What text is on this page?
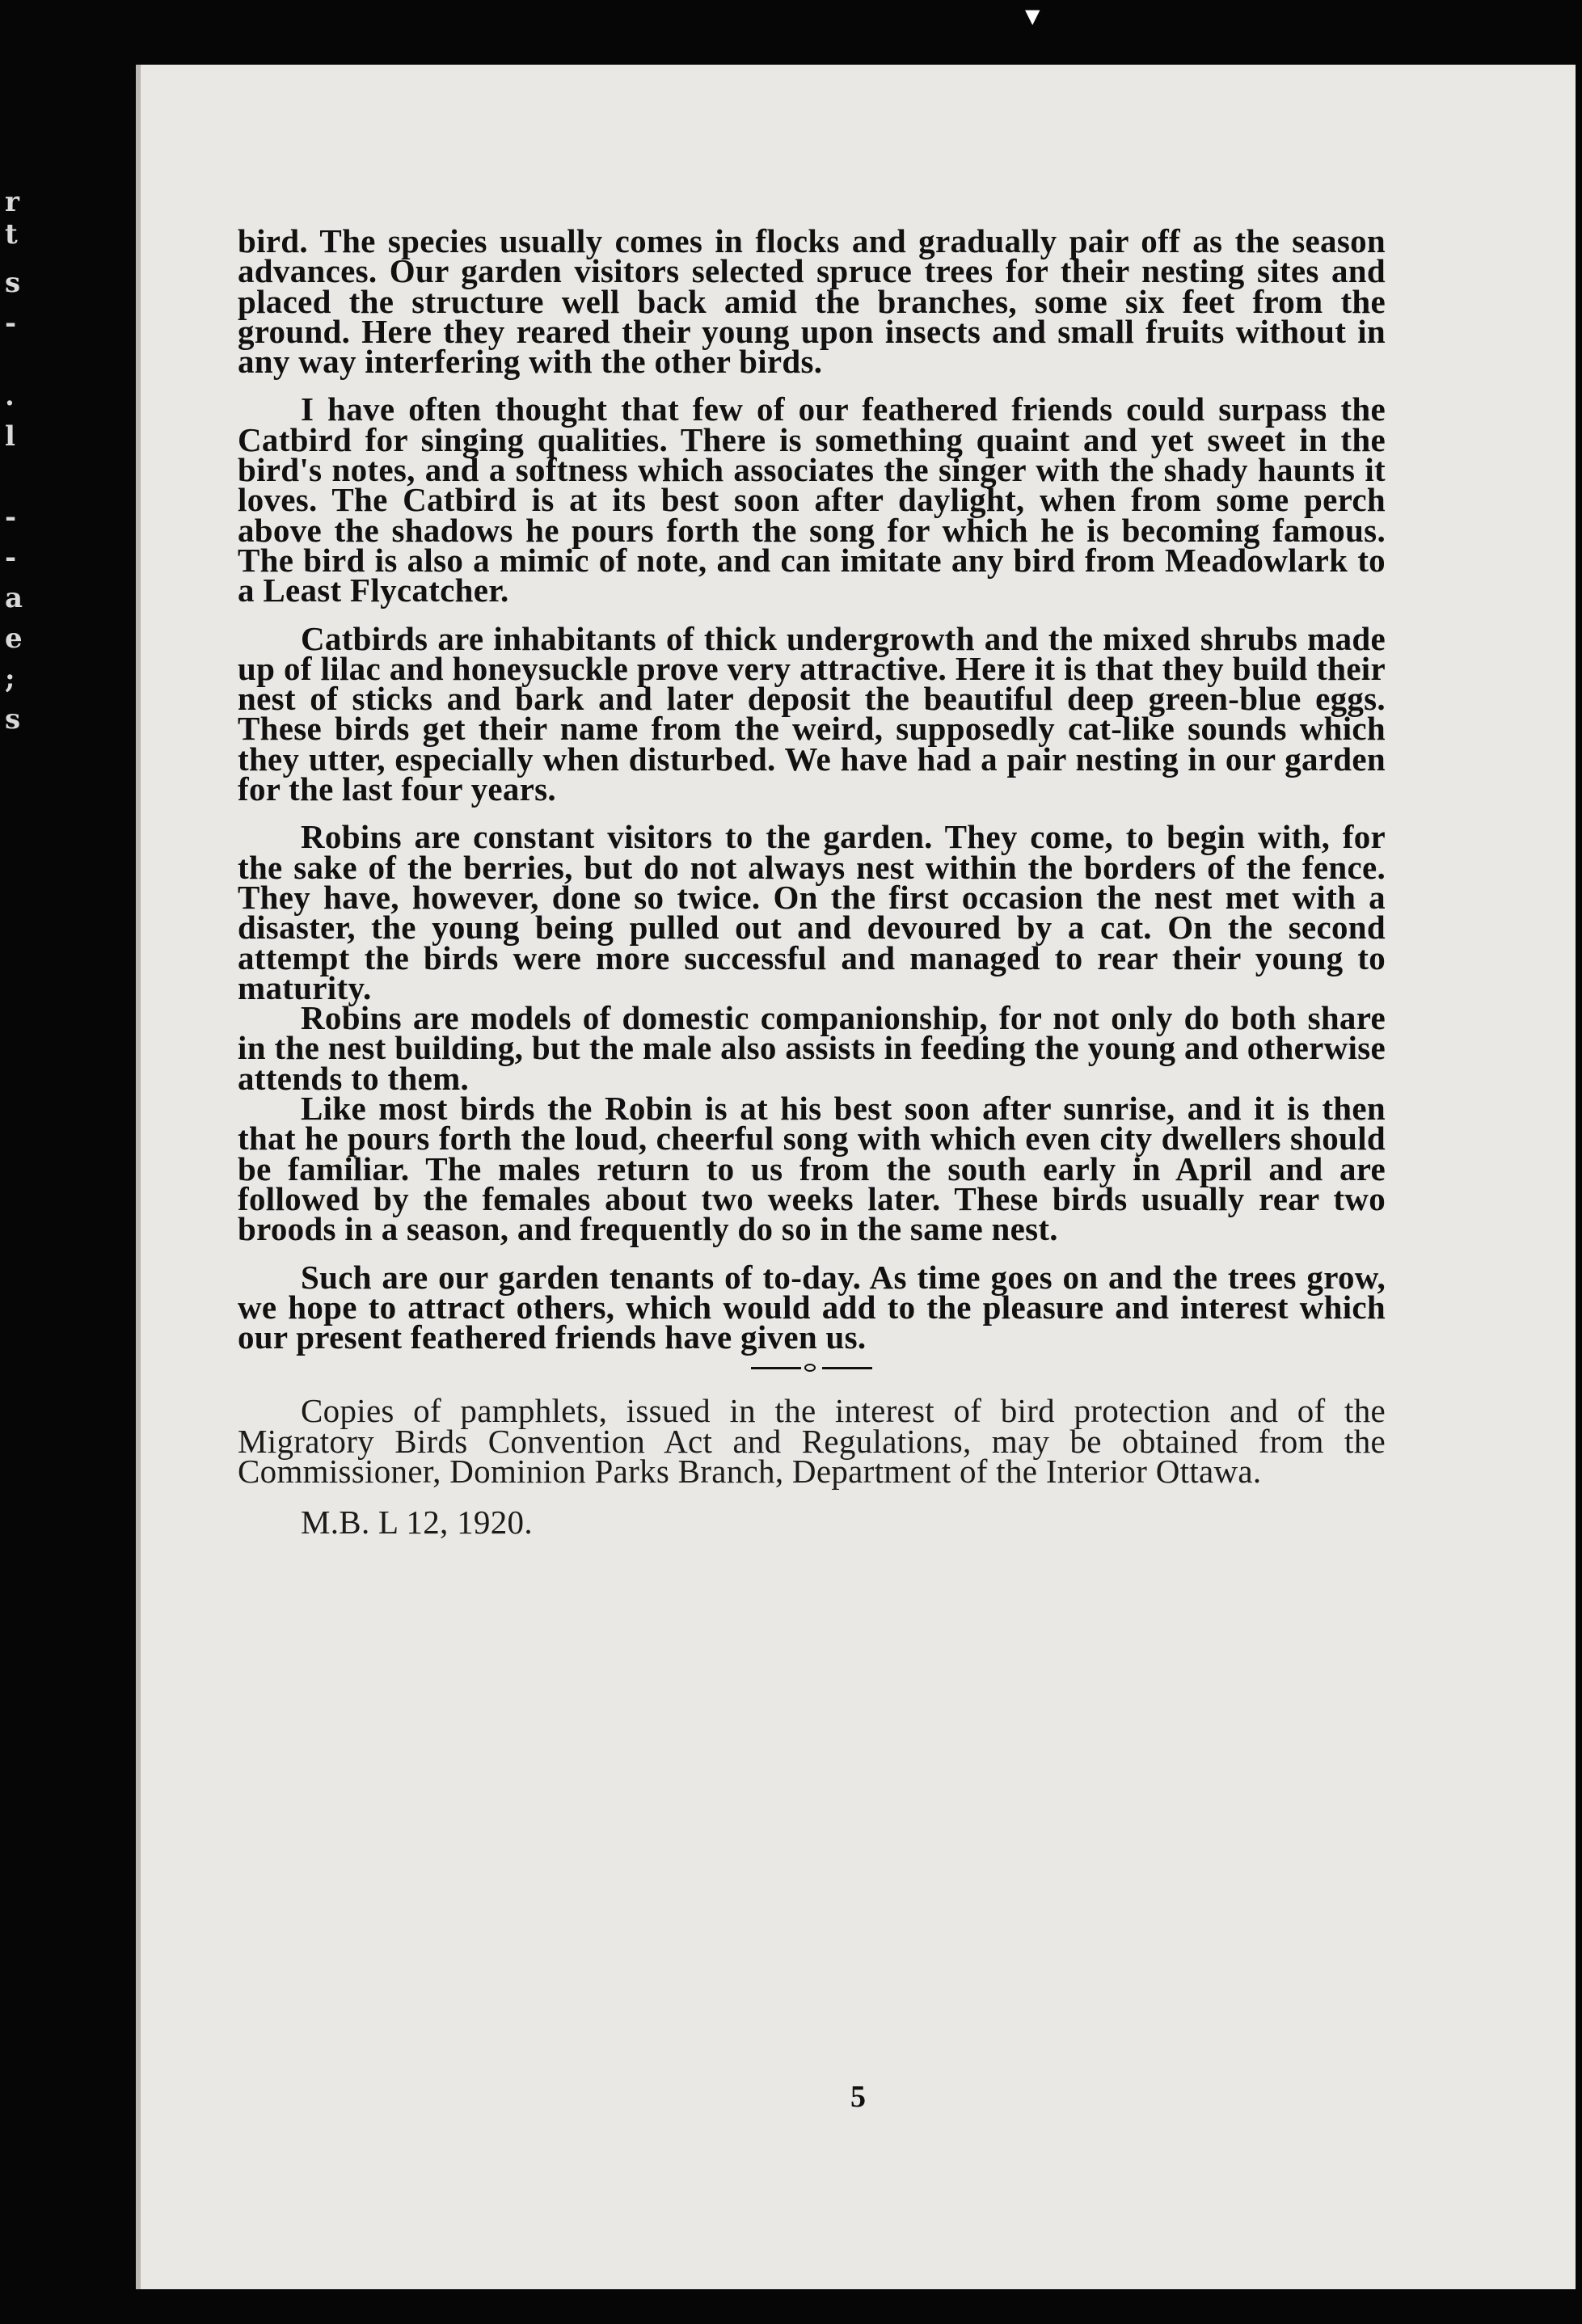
r
t
s
-
.
l
-
-
a
e
;
s
▼

bird. The species usually comes in flocks and gradually pair off as the season advances. Our garden visitors selected spruce trees for their nesting sites and placed the structure well back amid the branches, some six feet from the ground. Here they reared their young upon insects and small fruits without in any way interfering with the other birds.

I have often thought that few of our feathered friends could surpass the Catbird for singing qualities. There is something quaint and yet sweet in the bird's notes, and a softness which associates the singer with the shady haunts it loves. The Catbird is at its best soon after daylight, when from some perch above the shadows he pours forth the song for which he is becoming famous. The bird is also a mimic of note, and can imitate any bird from Meadowlark to a Least Flycatcher.

Catbirds are inhabitants of thick undergrowth and the mixed shrubs made up of lilac and honeysuckle prove very attractive. Here it is that they build their nest of sticks and bark and later deposit the beautiful deep green-blue eggs. These birds get their name from the weird, supposedly cat-like sounds which they utter, especially when disturbed. We have had a pair nesting in our garden for the last four years.

Robins are constant visitors to the garden. They come, to begin with, for the sake of the berries, but do not always nest within the borders of the fence. They have, however, done so twice. On the first occasion the nest met with a disaster, the young being pulled out and devoured by a cat. On the second attempt the birds were more successful and managed to rear their young to maturity.

Robins are models of domestic companionship, for not only do both share in the nest building, but the male also assists in feeding the young and otherwise attends to them.

Like most birds the Robin is at his best soon after sunrise, and it is then that he pours forth the loud, cheerful song with which even city dwellers should be familiar. The males return to us from the south early in April and are followed by the females about two weeks later. These birds usually rear two broods in a season, and frequently do so in the same nest.

Such are our garden tenants of to-day. As time goes on and the trees grow, we hope to attract others, which would add to the pleasure and interest which our present feathered friends have given us.

Copies of pamphlets, issued in the interest of bird protection and of the Migratory Birds Convention Act and Regulations, may be obtained from the Commissioner, Dominion Parks Branch, Department of the Interior Ottawa.

M.B. L 12, 1920.

5
